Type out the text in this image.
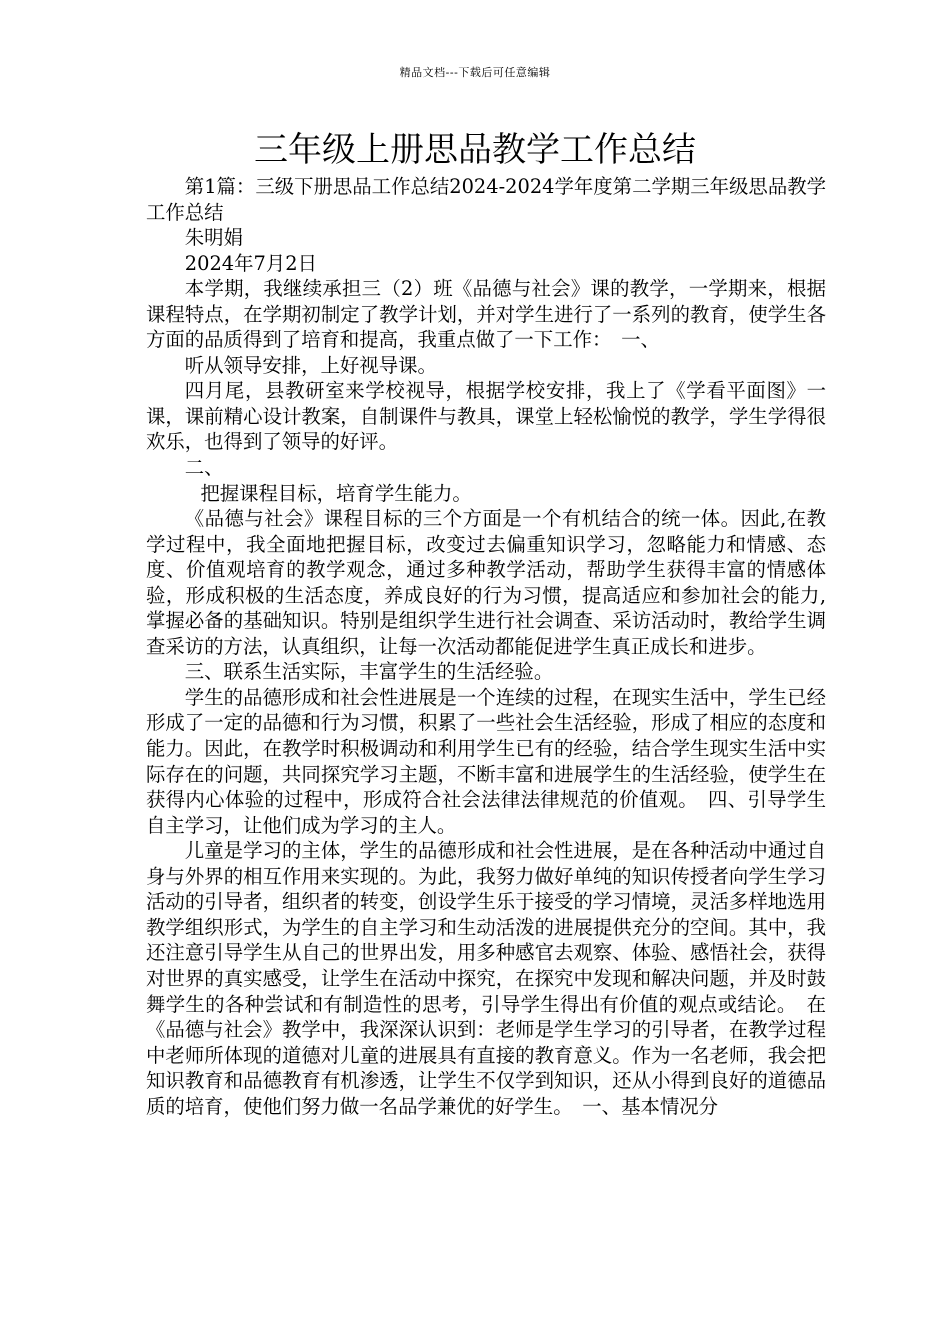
精品文档---下载后可任意编辑
三年级上册思品教学工作总结

第1篇：三级下册思品工作总结2024-2024学年度第二学期三年级思品教学工作总结

朱明娟

2024年7月2日

本学期，我继续承担三（2）班《品德与社会》课的教学，一学期来，根据课程特点，在学期初制定了教学计划，并对学生进行了一系列的教育，使学生各方面的品质得到了培育和提高，我重点做了一下工作：　一、

听从领导安排，上好视导课。

四月尾，县教研室来学校视导，根据学校安排，我上了《学看平面图》一课，课前精心设计教案，自制课件与教具，课堂上轻松愉悦的教学，学生学得很欢乐，也得到了领导的好评。

二、

把握课程目标，培育学生能力。

《品德与社会》课程目标的三个方面是一个有机结合的统一体。因此,在教学过程中，我全面地把握目标，改变过去偏重知识学习，忽略能力和情感、态度、价值观培育的教学观念，通过多种教学活动，帮助学生获得丰富的情感体验，形成积极的生活态度，养成良好的行为习惯，提高适应和参加社会的能力,掌握必备的基础知识。特别是组织学生进行社会调查、采访活动时，教给学生调查采访的方法，认真组织，让每一次活动都能促进学生真正成长和进步。

三、联系生活实际，丰富学生的生活经验。

学生的品德形成和社会性进展是一个连续的过程，在现实生活中，学生已经形成了一定的品德和行为习惯，积累了一些社会生活经验，形成了相应的态度和能力。因此，在教学时积极调动和利用学生已有的经验，结合学生现实生活中实际存在的问题，共同探究学习主题，不断丰富和进展学生的生活经验，使学生在获得内心体验的过程中，形成符合社会法律法律规范的价值观。　四、引导学生自主学习，让他们成为学习的主人。

儿童是学习的主体，学生的品德形成和社会性进展，是在各种活动中通过自身与外界的相互作用来实现的。为此，我努力做好单纯的知识传授者向学生学习活动的引导者，组织者的转变，创设学生乐于接受的学习情境，灵活多样地选用教学组织形式，为学生的自主学习和生动活泼的进展提供充分的空间。其中，我还注意引导学生从自己的世界出发，用多种感官去观察、体验、感悟社会，获得对世界的真实感受，让学生在活动中探究，在探究中发现和解决问题，并及时鼓舞学生的各种尝试和有制造性的思考，引导学生得出有价值的观点或结论。　在《品德与社会》教学中，我深深认识到：老师是学生学习的引导者，在教学过程中老师所体现的道德对儿童的进展具有直接的教育意义。作为一名老师，我会把知识教育和品德教育有机渗透，让学生不仅学到知识，还从小得到良好的道德品质的培育，使他们努力做一名品学兼优的好学生。　一、基本情况分
